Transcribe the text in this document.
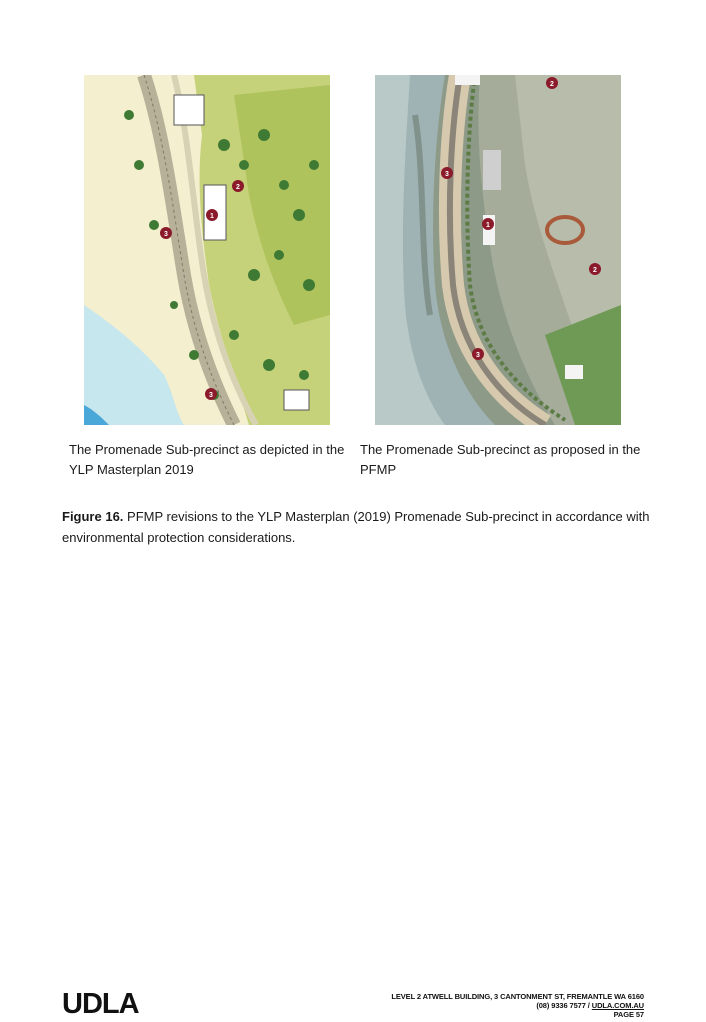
1
2
3
3
2
3
1
2
3
The Promenade Sub-precinct as depicted in the YLP Masterplan 2019
The Promenade Sub-precinct as proposed in the PFMP
Figure 16. PFMP revisions to the YLP Masterplan (2019) Promenade Sub-precinct in accordance with environmental protection considerations.
UDLA	LEVEL 2 ATWELL BUILDING, 3 CANTONMENT ST, FREMANTLE WA 6160
(08) 9336 7577 / UDLA.COM.AU
PAGE 57
